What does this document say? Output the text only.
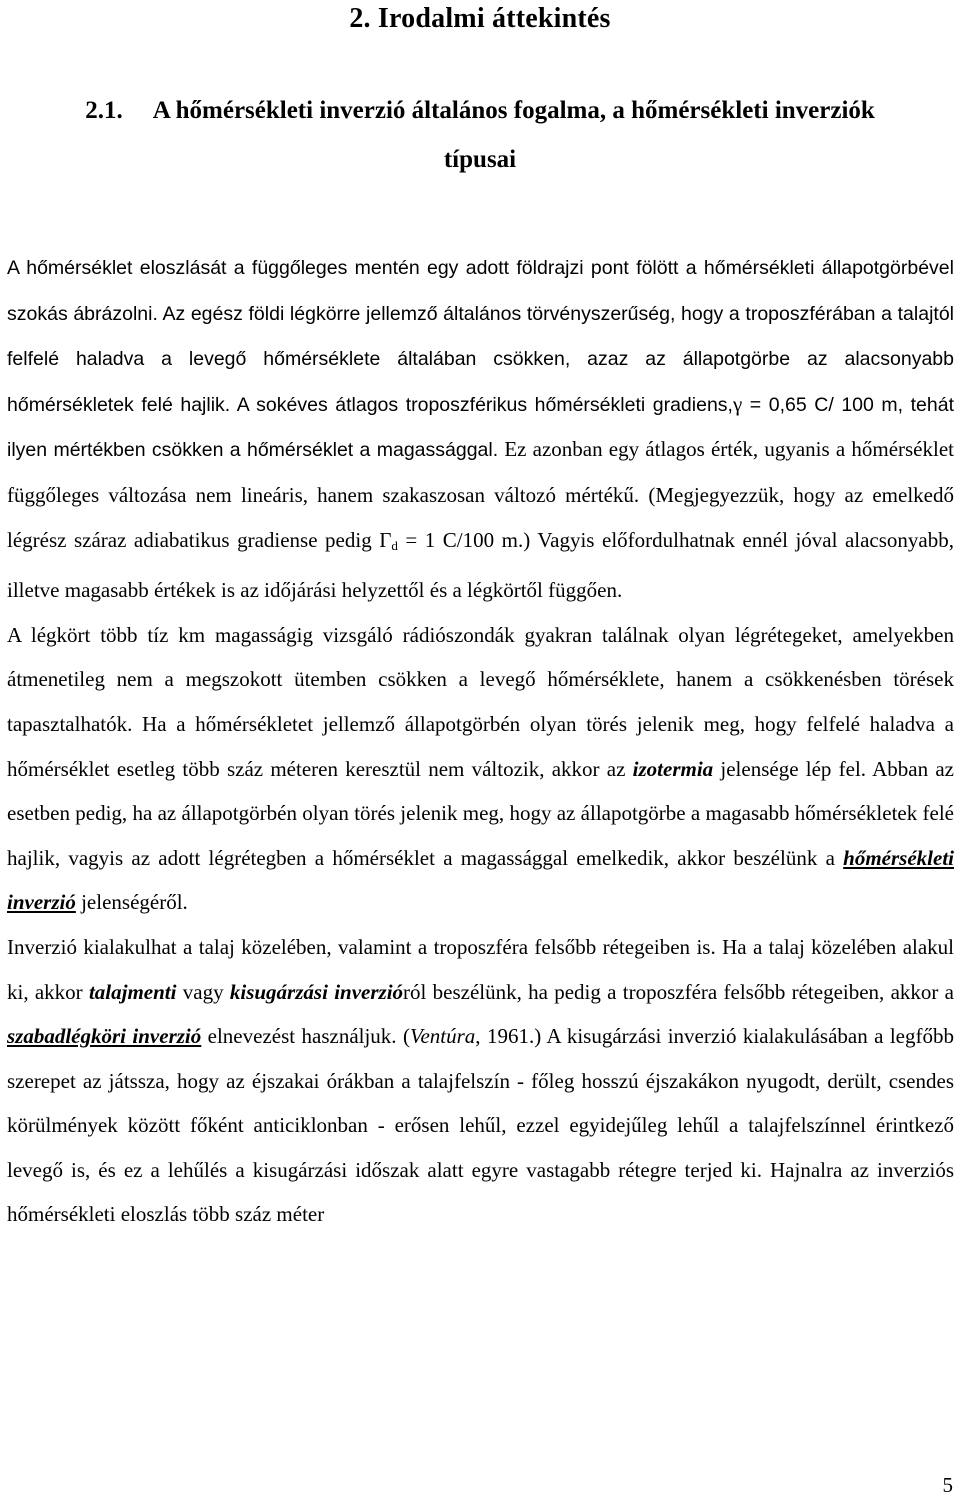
2. Irodalmi áttekintés
2.1. A hőmérsékleti inverzió általános fogalma, a hőmérsékleti inverziók típusai

A hőmérséklet eloszlását a függőleges mentén egy adott földrajzi pont fölött a hőmérsékleti állapotgörbével szokás ábrázolni. Az egész földi légkörre jellemző általános törvényszerűség, hogy a troposzférában a talajtól felfelé haladva a levegő hőmérséklete általában csökken, azaz az állapotgörbe az alacsonyabb hőmérsékletek felé hajlik. A sokéves átlagos troposzférikus hőmérsékleti gradiens,γ = 0,65 C/ 100 m, tehát ilyen mértékben csökken a hőmérséklet a magassággal. Ez azonban egy átlagos érték, ugyanis a hőmérséklet függőleges változása nem lineáris, hanem szakaszosan változó mértékű. (Megjegyezzük, hogy az emelkedő légrész száraz adiabatikus gradiense pedig $\Gamma_d = 1$ C/100 m.) Vagyis előfordulhatnak ennél jóval alacsonyabb, illetve magasabb értékek is az időjárási helyzettől és a légkörtől függően.

A légkört több tíz km magasságig vizsgáló rádiószondák gyakran találnak olyan légrétegeket, amelyekben átmenetileg nem a megszokott ütemben csökken a levegő hőmérséklete, hanem a csökkenésben törések tapasztalhatók. Ha a hőmérsékletet jellemző állapotgörbén olyan törés jelenik meg, hogy felfelé haladva a hőmérséklet esetleg több száz méteren keresztül nem változik, akkor az izotermia jelensége lép fel. Abban az esetben pedig, ha az állapotgörbén olyan törés jelenik meg, hogy az állapotgörbe a magasabb hőmérsékletek felé hajlik, vagyis az adott légrétegben a hőmérséklet a magassággal emelkedik, akkor beszélünk a hőmérsékleti inverzió jelenségéről.

Inverzió kialakulhat a talaj közelében, valamint a troposzféra felsőbb rétegeiben is. Ha a talaj közelében alakul ki, akkor talajmenti vagy kisugárzási inverzióról beszélünk, ha pedig a troposzféra felsőbb rétegeiben, akkor a szabadlégköri inverzió elnevezést használjuk. (Ventúra, 1961.) A kisugárzási inverzió kialakulásában a legfőbb szerepet az játssza, hogy az éjszakai órákban a talajfelszín - főleg hosszú éjszakákon nyugodt, derült, csendes körülmények között főként anticiklonban - erősen lehűl, ezzel egyidejűleg lehűl a talajfelszínnel érintkező levegő is, és ez a lehűlés a kisugárzási időszak alatt egyre vastagabb rétegre terjed ki. Hajnalra az inverziós hőmérsékleti eloszlás több száz méter

5
